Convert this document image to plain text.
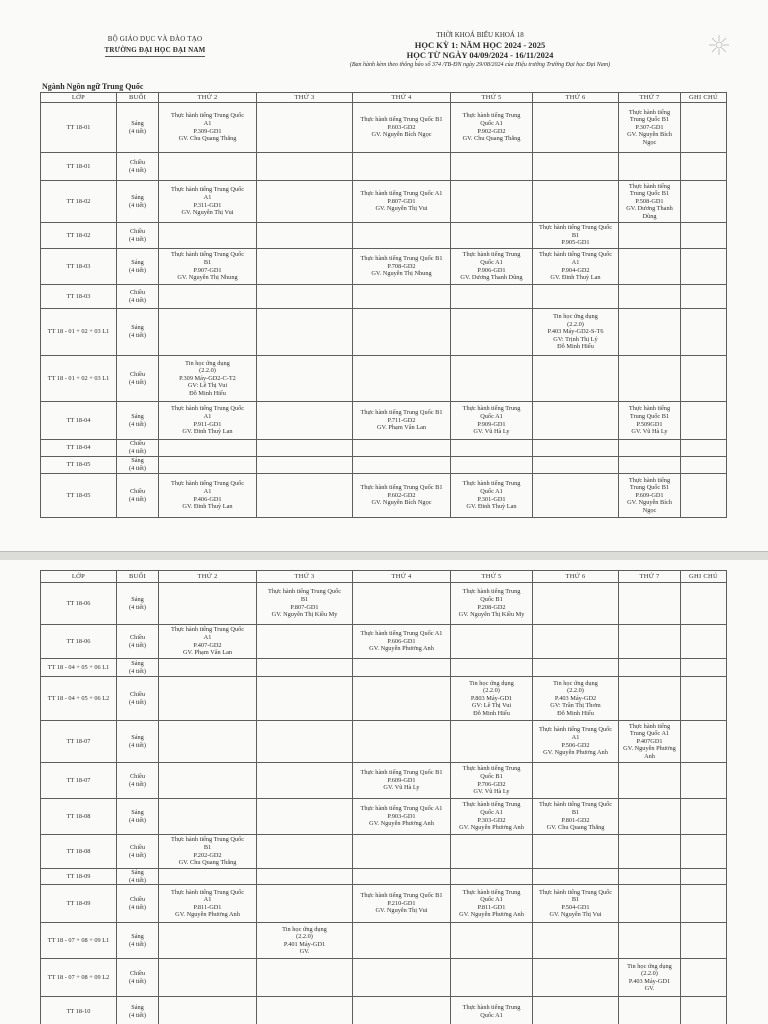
BỘ GIÁO DỤC VÀ ĐÀO TẠO
TRƯỜNG ĐẠI HỌC ĐẠI NAM
THỜI KHOÁ BIỂU KHOÁ 18
HỌC KỲ 1: NĂM HỌC 2024 - 2025
HỌC TỪ NGÀY 04/09/2024 - 16/11/2024
(Ban hành kèm theo thông báo số 374 /TB-ĐN ngày 29/08/2024 của Hiệu trưởng Trường Đại học Đại Nam)
Ngành Ngôn ngữ Trung Quốc
LỚP	BUỔI	THỨ 2	THỨ 3	THỨ 4	THỨ 5	THỨ 6	THỨ 7	GHI CHÚ
TT 18-01	Sáng
(4 tiết)	Thực hành tiếng Trung Quốc
A1
P.309-GD1
GV. Chu Quang Thắng		Thực hành tiếng Trung Quốc B1
P.603-GD2
GV. Nguyễn Bích Ngọc	Thực hành tiếng Trung
Quốc A1
P.902-GD2
GV. Chu Quang Thắng		Thực hành tiếng
Trung Quốc B1
P.307-GD1
GV. Nguyễn Bích
Ngọc	

TT 18-01	Chiều
(4 tiết)							

TT 18-02	Sáng
(4 tiết)	Thực hành tiếng Trung Quốc
A1
P.311-GD1
GV. Nguyễn Thị Vui		Thực hành tiếng Trung Quốc A1
P.807-GD1
GV. Nguyễn Thị Vui			Thực hành tiếng
Trung Quốc B1
P.508-GD1
GV. Dương Thanh
Dũng	

TT 18-02	Chiều
(4 tiết)					Thực hành tiếng Trung Quốc
B1
P.905-GD1		

TT 18-03	Sáng
(4 tiết)	Thực hành tiếng Trung Quốc
B1
P.907-GD1
GV. Nguyễn Thị Nhung		Thực hành tiếng Trung Quốc B1
P.708-GD2
GV. Nguyễn Thị Nhung	Thực hành tiếng Trung
Quốc A1
P.906-GD1
GV. Dương Thanh Dũng	Thực hành tiếng Trung Quốc
A1
P.904-GD2
GV. Đinh Thuỳ Lan		

TT 18-03	Chiều
(4 tiết)							

TT 18 - 01 + 02 + 03 L1	Sáng
(4 tiết)					Tin học ứng dụng
(2.2.0)
P.403 Máy-GD2-S-T6
GV: Trịnh Thị Lý
Đỗ Minh Hiếu		

TT 18 - 01 + 02 + 03 L1	Chiều
(4 tiết)	Tin học ứng dụng
(2.2.0)
P.309 Máy-GD2-C-T2
GV: Lê Thị Vui
Đỗ Minh Hiếu						

TT 18-04	Sáng
(4 tiết)	Thực hành tiếng Trung Quốc
A1
P.911-GD1
GV. Đinh Thuỳ Lan		Thực hành tiếng Trung Quốc B1
P.711-GD2
GV. Phạm Vân Lan	Thực hành tiếng Trung
Quốc A1
P.909-GD1
GV. Vũ Hà Ly		Thực hành tiếng
Trung Quốc B1
P.509GD1
GV. Vũ Hà Ly	

TT 18-04	Chiều
(4 tiết)							

TT 18-05	Sáng
(4 tiết)							

TT 18-05	Chiều
(4 tiết)	Thực hành tiếng Trung Quốc
A1
P.406-GD1
GV. Đinh Thuỳ Lan		Thực hành tiếng Trung Quốc B1
P.602-GD2
GV. Nguyễn Bích Ngọc	Thực hành tiếng Trung
Quốc A1
P.301-GD1
GV. Đinh Thuỳ Lan		Thực hành tiếng
Trung Quốc B1
P.609-GD1
GV. Nguyễn Bích
Ngọc	

LỚP	BUỔI	THỨ 2	THỨ 3	THỨ 4	THỨ 5	THỨ 6	THỨ 7	GHI CHÚ
TT 18-06	Sáng
(4 tiết)		Thực hành tiếng Trung Quốc
B1
P.807-GD1
GV. Nguyễn Thị Kiều My		Thực hành tiếng Trung
Quốc B1
P.208-GD2
GV. Nguyễn Thị Kiều My			

TT 18-06	Chiều
(4 tiết)	Thực hành tiếng Trung Quốc
A1
P.407-GD2
GV. Phạm Vân Lan		Thực hành tiếng Trung Quốc A1
P.606-GD1
GV. Nguyễn Phương Anh				

TT 18 - 04 + 05 + 06 L1	Sáng
(4 tiết)							

TT 18 - 04 + 05 + 06 L2	Chiều
(4 tiết)				Tin học ứng dụng
(2.2.0)
P.803 Máy-GD1
GV: Lê Thị Vui
Đỗ Minh Hiếu	Tin học ứng dụng
(2.2.0)
P.403 Máy-GD2
GV: Trần Thị Thơm
Đỗ Minh Hiếu		

TT 18-07	Sáng
(4 tiết)					Thực hành tiếng Trung Quốc
A1
P.506-GD2
GV. Nguyễn Phương Anh	Thực hành tiếng
Trung Quốc A1
P.407GD1
GV. Nguyễn Phương
Anh	

TT 18-07	Chiều
(4 tiết)			Thực hành tiếng Trung Quốc B1
P.609-GD1
GV. Vũ Hà Ly	Thực hành tiếng Trung
Quốc B1
P.706-GD2
GV. Vũ Hà Ly			

TT 18-08	Sáng
(4 tiết)			Thực hành tiếng Trung Quốc A1
P.903-GD1
GV. Nguyễn Phương Anh	Thực hành tiếng Trung
Quốc A1
P.303-GD2
GV. Nguyễn Phương Anh	Thực hành tiếng Trung Quốc
B1
P.801-GD2
GV. Chu Quang Thắng		

TT 18-08	Chiều
(4 tiết)	Thực hành tiếng Trung Quốc
B1
P.202-GD2
GV. Chu Quang Thắng						

TT 18-09	Sáng
(4 tiết)							

TT 18-09	Chiều
(4 tiết)	Thực hành tiếng Trung Quốc
A1
P.811-GD1
GV. Nguyễn Phương Anh		Thực hành tiếng Trung Quốc B1
P.210-GD1
GV. Nguyễn Thị Vui	Thực hành tiếng Trung
Quốc A1
P.811-GD1
GV. Nguyễn Phương Anh	Thực hành tiếng Trung Quốc
B1
P.504-GD1
GV. Nguyễn Thị Vui		

TT 18 - 07 + 08 + 09 L1	Sáng
(4 tiết)		Tin học ứng dụng
(2.2.0)
P.401 Máy-GD1
GV.					

TT 18 - 07 + 08 + 09 L2	Chiều
(4 tiết)						Tin học ứng dụng
(2.2.0)
P.403 Máy-GD1
GV.	

TT 18-10	Sáng
(4 tiết)				Thực hành tiếng Trung
Quốc A1			
